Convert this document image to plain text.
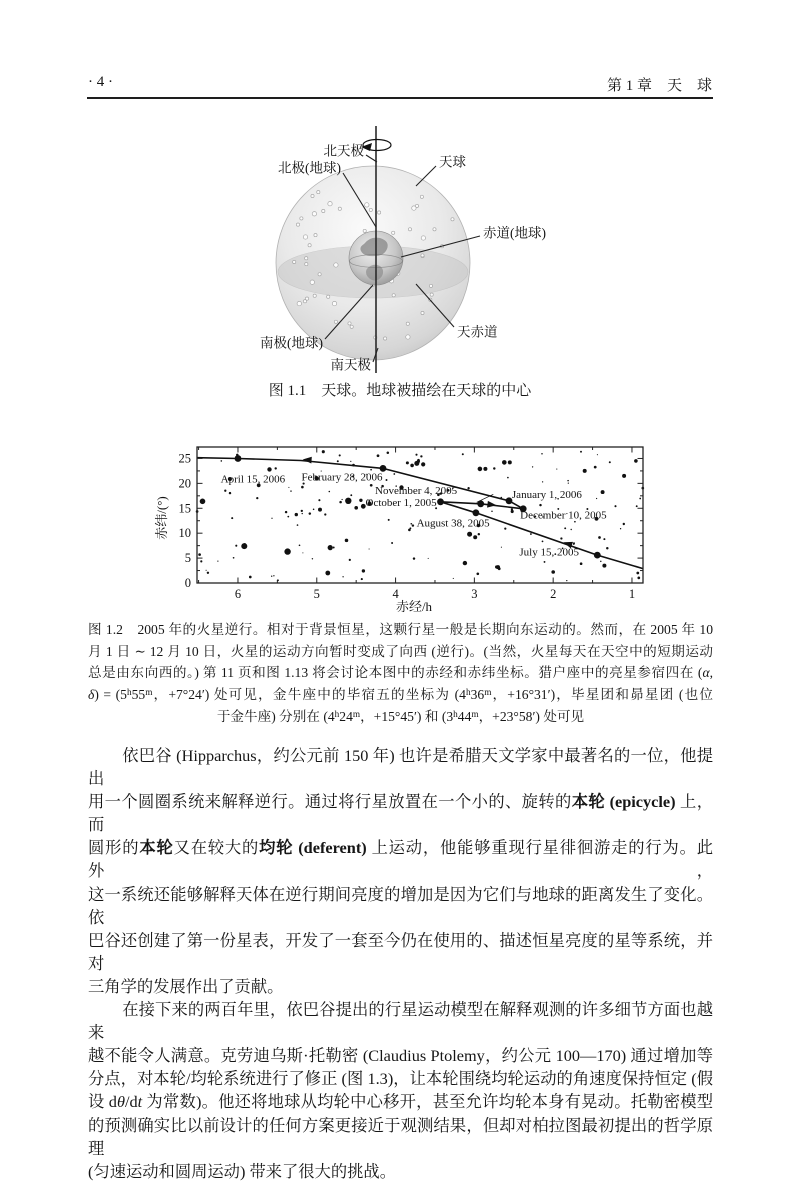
· 4 ·	第 1 章　天　球
北天极
北极(地球)	天球
赤道(地球)
天赤道
南极(地球)
南天极
图 1.1　天球。地球被描绘在天球的中心
April 15, 2006 February 28, 2006
November 4, 2005
October 1, 2005
January 1, 2006
December 10, 2005
August 38, 2005
July 15, 2005
6	5	4	3	2	1
0
5
10
15
20
25
赤经/h
赤纬/(°)
图 1.2　2005 年的火星逆行。相对于背景恒星，这颗行星一般是长期向东运动的。然而，在 2005 年 10
月 1 日 ∼ 12 月 10 日，火星的运动方向暂时变成了向西 (逆行)。(当然，火星每天在天空中的短期运动
总是由东向西的。) 第 11 页和图 1.13 将会讨论本图中的赤经和赤纬坐标。猎户座中的亮星参宿四在 (α,
$\delta) = (5^h55^m$，+7°24′) 处可见，金牛座中的毕宿五的坐标为 ($4^h36^m$，+16°31′)，毕星团和昴星团 (也位
于金牛座) 分别在 ($4^h24^m$，+15°45′) 和 ($3^h44^m$，+23°58′) 处可见
依巴谷 (Hipparchus，约公元前 150 年) 也许是希腊天文学家中最著名的一位，他提出
用一个圆圈系统来解释逆行。通过将行星放置在一个小的、旋转的本轮 (epicycle) 上，而
圆形的本轮又在较大的均轮 (deferent) 上运动，他能够重现行星徘徊游走的行为。此外，
这一系统还能够解释天体在逆行期间亮度的增加是因为它们与地球的距离发生了变化。依
巴谷还创建了第一份星表，开发了一套至今仍在使用的、描述恒星亮度的星等系统，并对
三角学的发展作出了贡献。
在接下来的两百年里，依巴谷提出的行星运动模型在解释观测的许多细节方面也越来
越不能令人满意。克劳迪乌斯·托勒密 (Claudius Ptolemy，约公元 100—170) 通过增加等
分点，对本轮/均轮系统进行了修正 (图 1.3)，让本轮围绕均轮运动的角速度保持恒定 (假
设 dθ/dt 为常数)。他还将地球从均轮中心移开，甚至允许均轮本身有晃动。托勒密模型
的预测确实比以前设计的任何方案更接近于观测结果，但却对柏拉图最初提出的哲学原理
(匀速运动和圆周运动) 带来了很大的挑战。
